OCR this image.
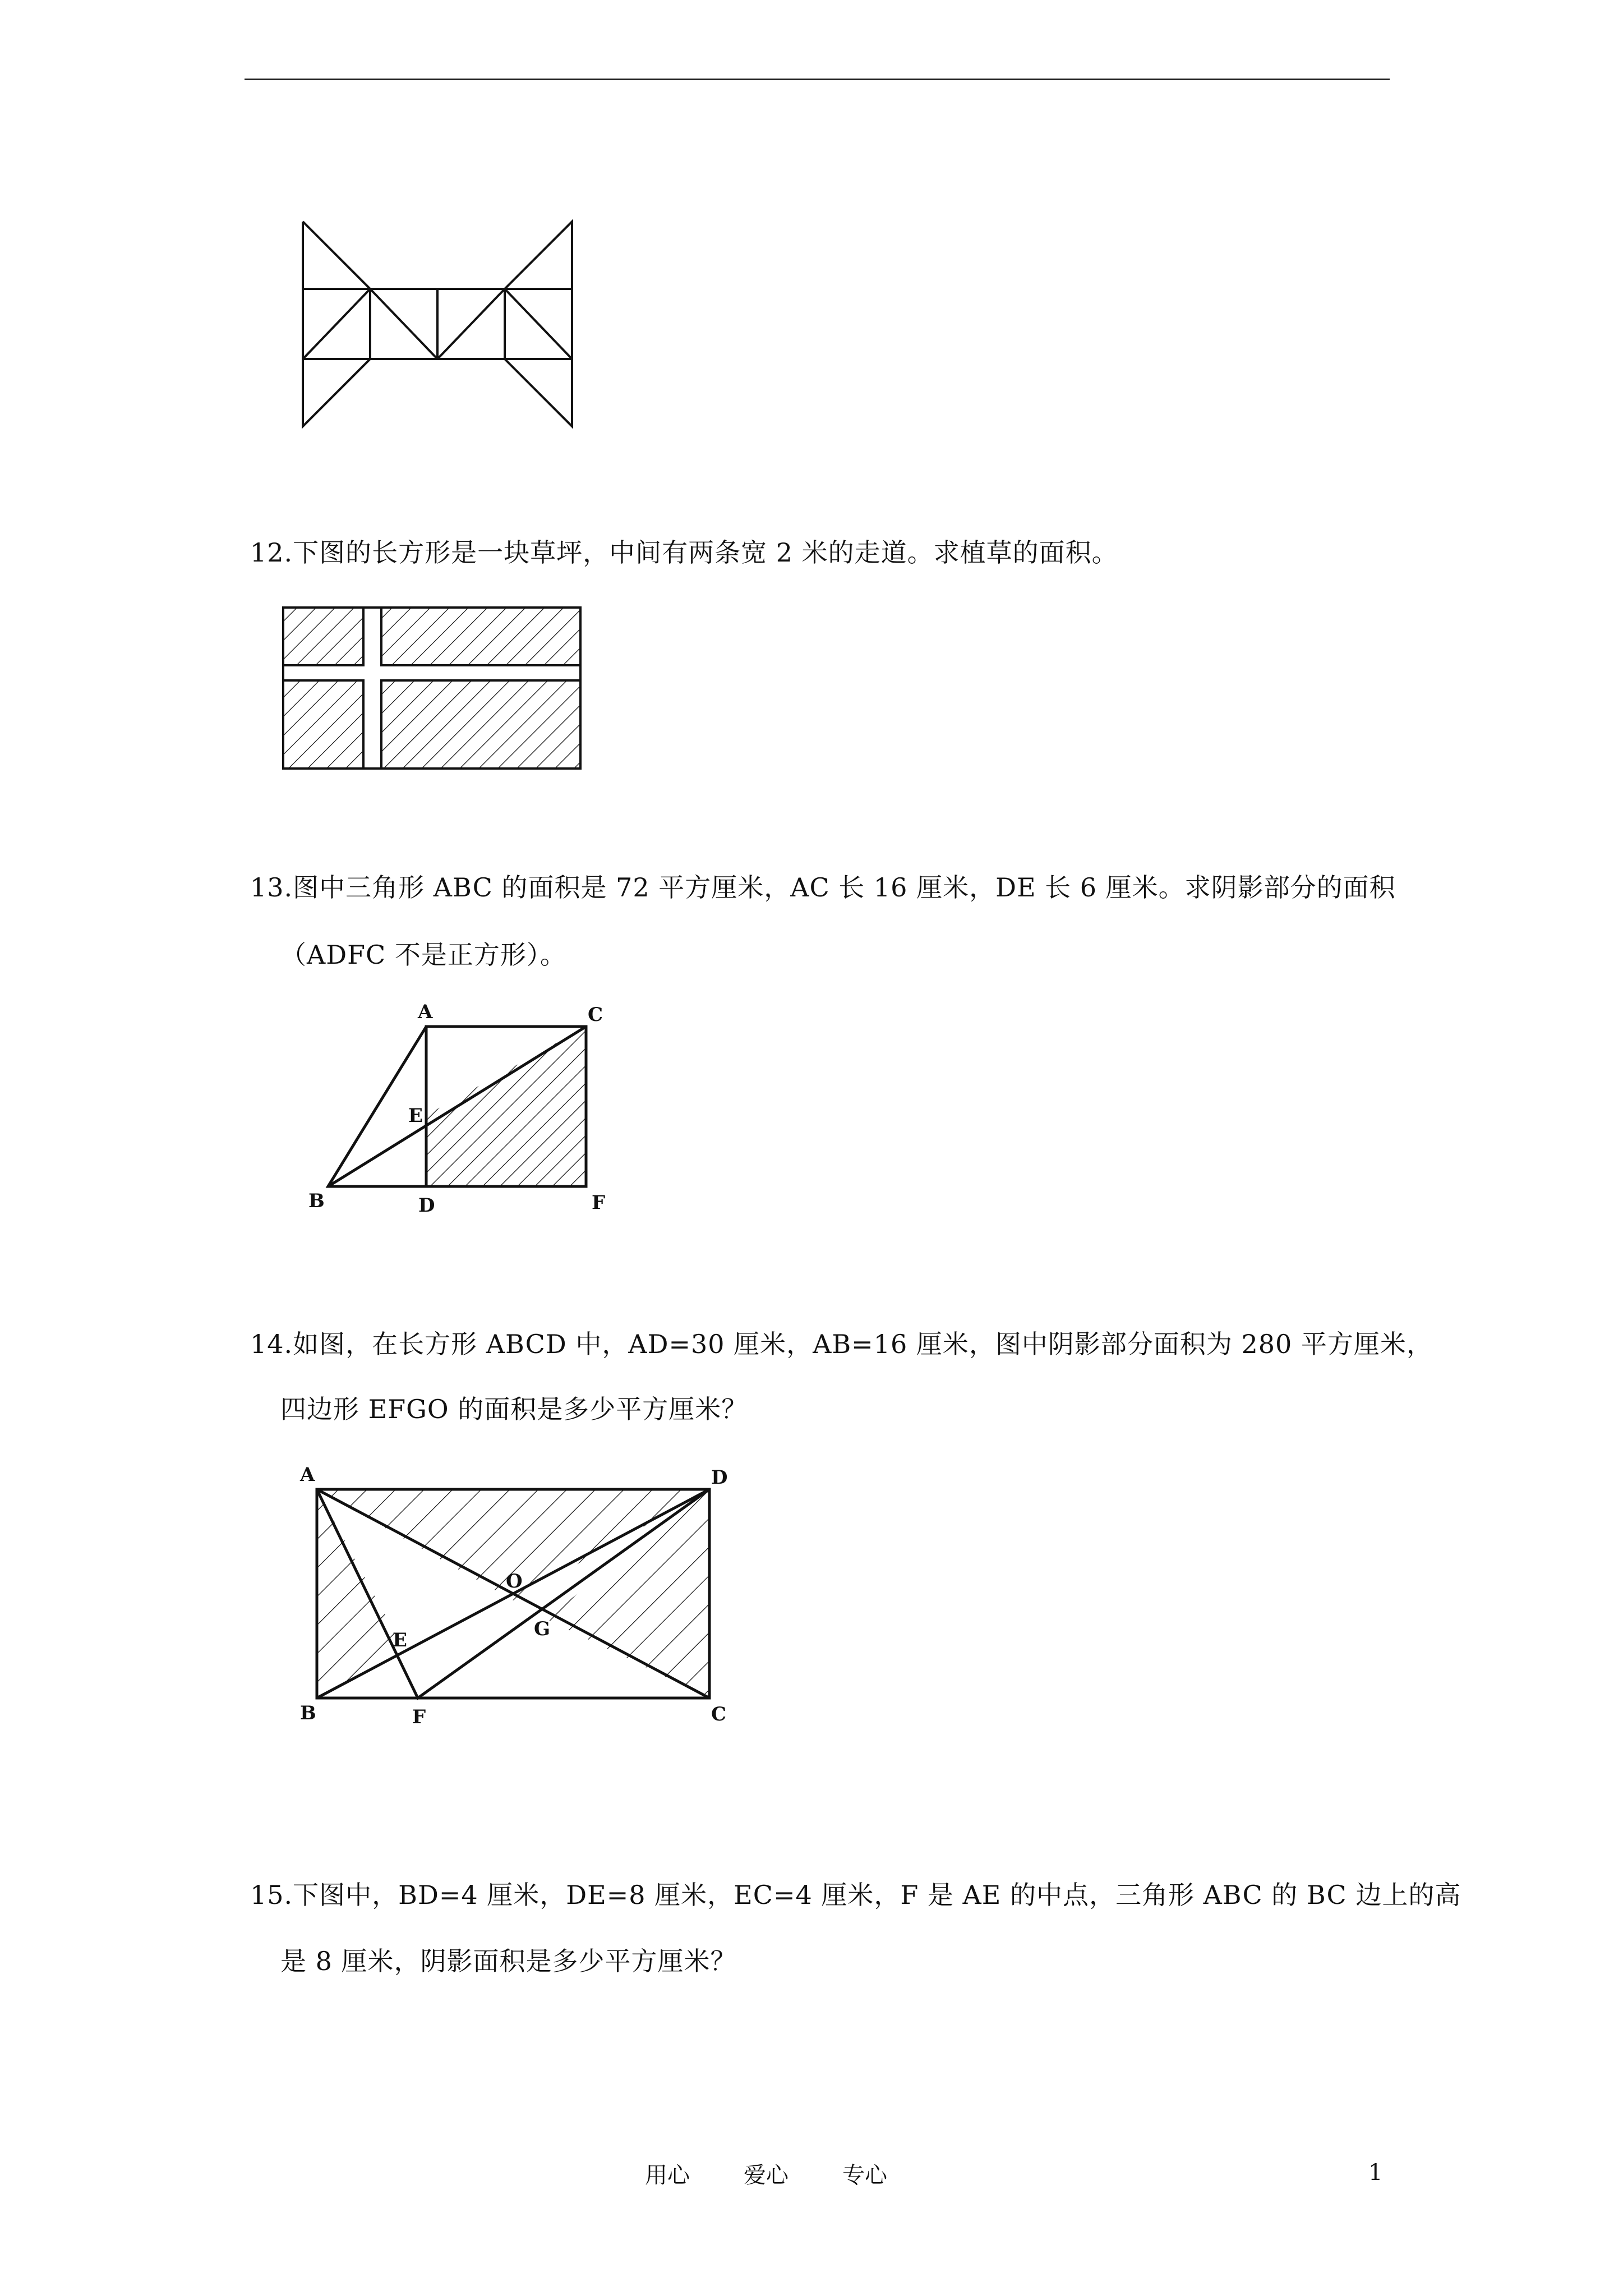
12.下图的长方形是一块草坪，中间有两条宽 2 米的走道。求植草的面积。
13.图中三角形 ABC 的面积是 72 平方厘米，AC 长 16 厘米，DE 长 6 厘米。求阴影部分的面积
（ADFC 不是正方形）。
A	C
E
B	D	F
14.如图，在长方形 ABCD 中，AD=30 厘米，AB=16 厘米，图中阴影部分面积为 280 平方厘米，
四边形 EFGO 的面积是多少平方厘米？
A	D
O
G
E
B	F	C
15.下图中，BD=4 厘米，DE=8 厘米，EC=4 厘米，F 是 AE 的中点，三角形 ABC 的 BC 边上的高
是 8 厘米，阴影面积是多少平方厘米？
用心 爱心 专心	1
